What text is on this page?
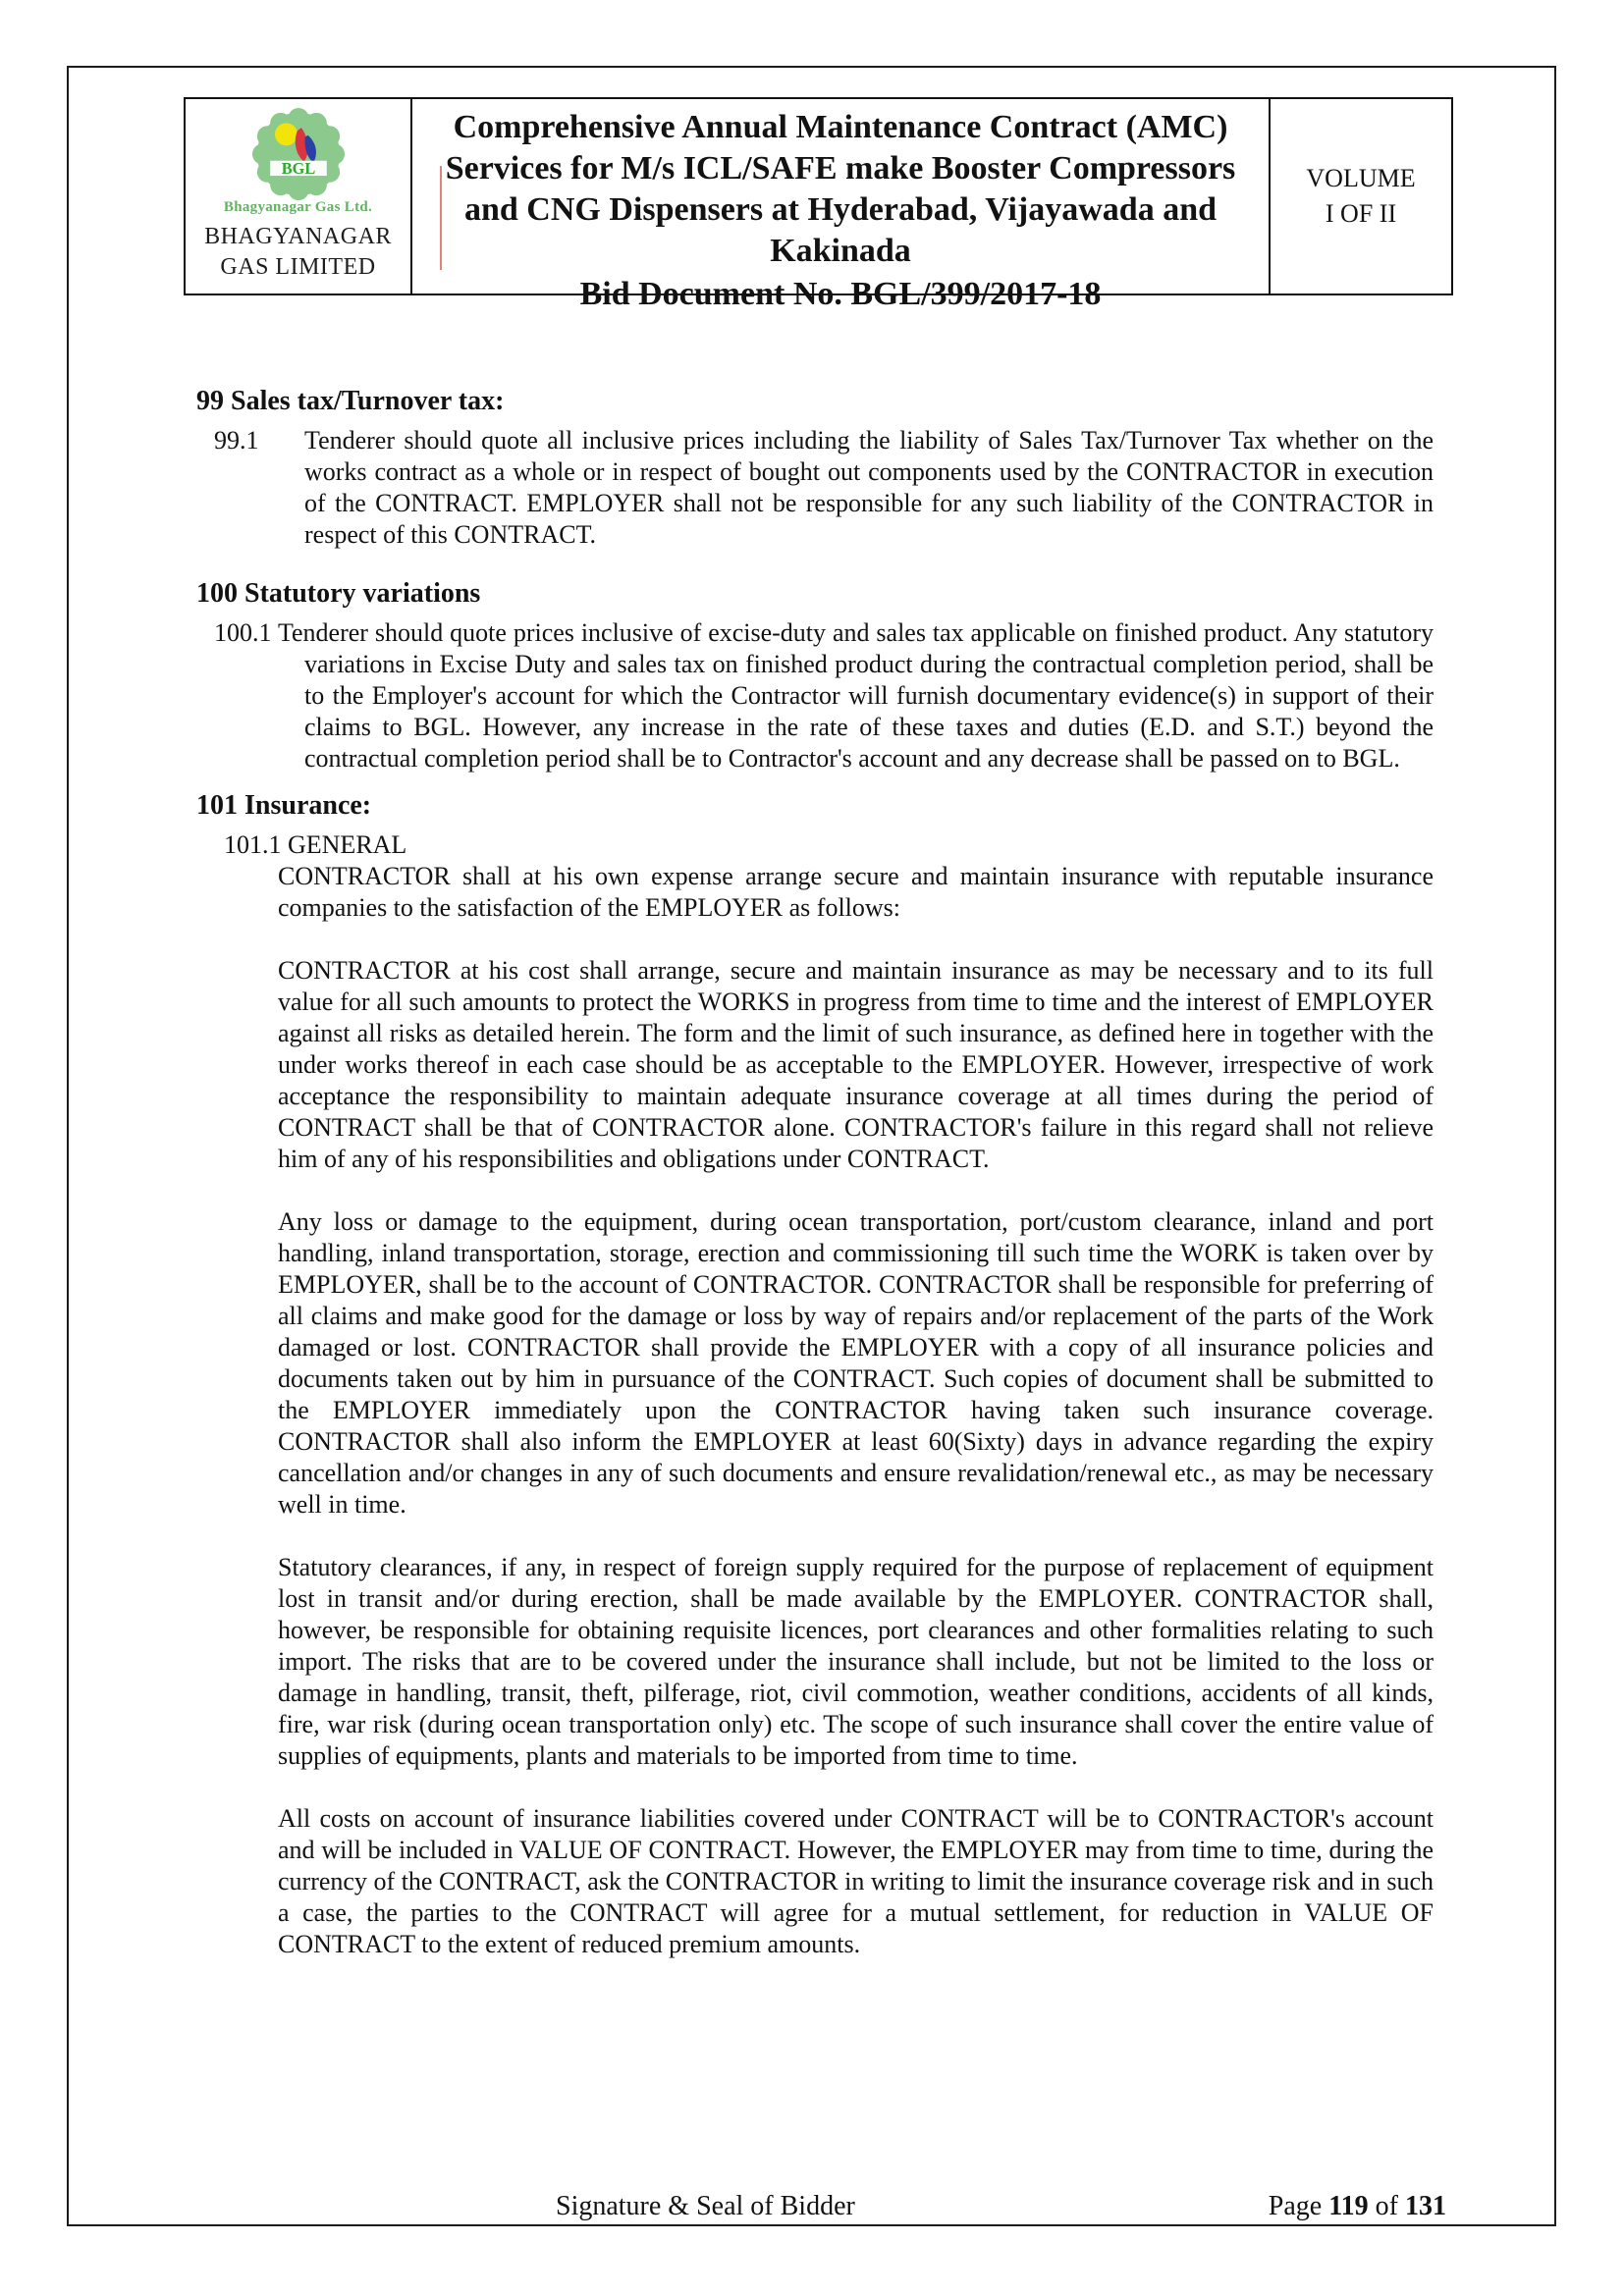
BGL
Bhagyanagar Gas Ltd.
BHAGYANAGAR
GAS LIMITED
Comprehensive Annual Maintenance Contract (AMC)
Services for M/s ICL/SAFE make Booster Compressors
and CNG Dispensers at Hyderabad, Vijayawada and
Kakinada
Bid Document No. BGL/399/2017-18
VOLUME
I OF II
99 Sales tax/Turnover tax:
99.1	Tenderer should quote all inclusive prices including the liability of Sales Tax/Turnover Tax whether on the works contract as a whole or in respect of bought out components used by the CONTRACTOR in execution of the CONTRACT. EMPLOYER shall not be responsible for any such liability of the CONTRACTOR in respect of this CONTRACT.
100 Statutory variations

100.1 Tenderer should quote prices inclusive of excise-duty and sales tax applicable on finished product. Any statutory variations in Excise Duty and sales tax on finished product during the contractual completion period, shall be to the Employer's account for which the Contractor will furnish documentary evidence(s) in support of their claims to BGL. However, any increase in the rate of these taxes and duties (E.D. and S.T.) beyond the contractual completion period shall be to Contractor's account and any decrease shall be passed on to BGL.

101 Insurance:
101.1 GENERAL

CONTRACTOR shall at his own expense arrange secure and maintain insurance with reputable insurance companies to the satisfaction of the EMPLOYER as follows:

CONTRACTOR at his cost shall arrange, secure and maintain insurance as may be necessary and to its full value for all such amounts to protect the WORKS in progress from time to time and the interest of EMPLOYER against all risks as detailed herein. The form and the limit of such insurance, as defined here in together with the under works thereof in each case should be as acceptable to the EMPLOYER. However, irrespective of work acceptance the responsibility to maintain adequate insurance coverage at all times during the period of CONTRACT shall be that of CONTRACTOR alone. CONTRACTOR's failure in this regard shall not relieve him of any of his responsibilities and obligations under CONTRACT.

Any loss or damage to the equipment, during ocean transportation, port/custom clearance, inland and port handling, inland transportation, storage, erection and commissioning till such time the WORK is taken over by EMPLOYER, shall be to the account of CONTRACTOR. CONTRACTOR shall be responsible for preferring of all claims and make good for the damage or loss by way of repairs and/or replacement of the parts of the Work damaged or lost. CONTRACTOR shall provide the EMPLOYER with a copy of all insurance policies and documents taken out by him in pursuance of the CONTRACT. Such copies of document shall be submitted to the EMPLOYER immediately upon the CONTRACTOR having taken such insurance coverage. CONTRACTOR shall also inform the EMPLOYER at least 60(Sixty) days in advance regarding the expiry cancellation and/or changes in any of such documents and ensure revalidation/renewal etc., as may be necessary well in time.

Statutory clearances, if any, in respect of foreign supply required for the purpose of replacement of equipment lost in transit and/or during erection, shall be made available by the EMPLOYER. CONTRACTOR shall, however, be responsible for obtaining requisite licences, port clearances and other formalities relating to such import. The risks that are to be covered under the insurance shall include, but not be limited to the loss or damage in handling, transit, theft, pilferage, riot, civil commotion, weather conditions, accidents of all kinds, fire, war risk (during ocean transportation only) etc. The scope of such insurance shall cover the entire value of supplies of equipments, plants and materials to be imported from time to time.

All costs on account of insurance liabilities covered under CONTRACT will be to CONTRACTOR's account and will be included in VALUE OF CONTRACT. However, the EMPLOYER may from time to time, during the currency of the CONTRACT, ask the CONTRACTOR in writing to limit the insurance coverage risk and in such a case, the parties to the CONTRACT will agree for a mutual settlement, for reduction in VALUE OF CONTRACT to the extent of reduced premium amounts.

Signature & Seal of Bidder	Page 119 of 131
